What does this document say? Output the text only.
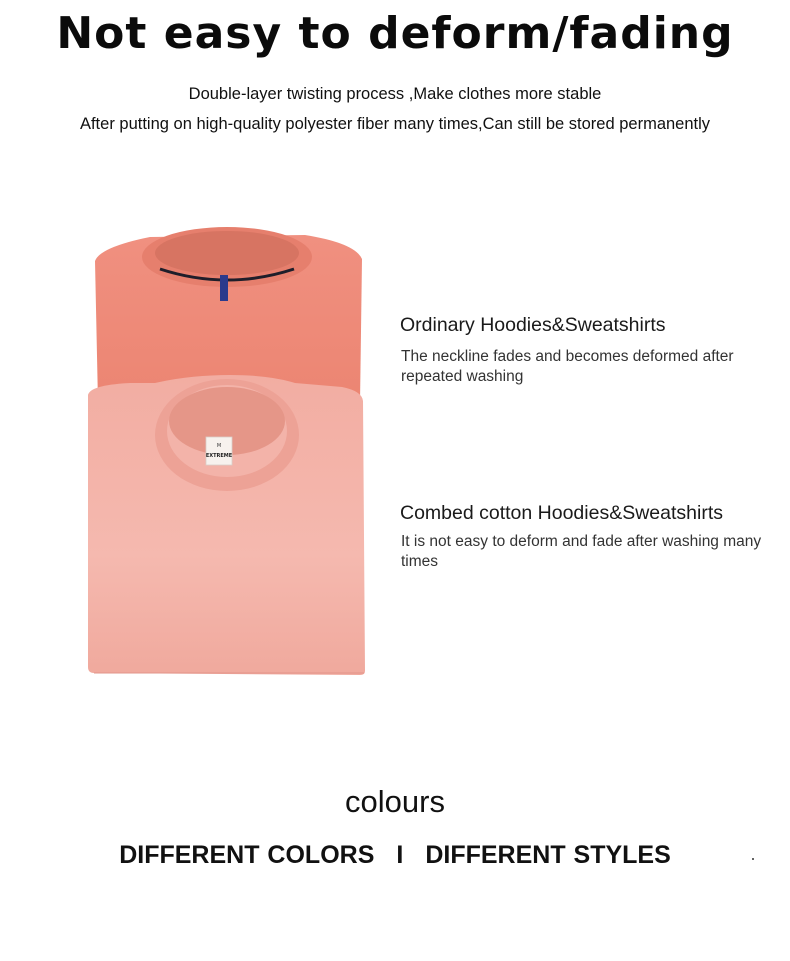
Not easy to deform/fading
Double-layer twisting process ,Make clothes more stable
After putting on high-quality polyester fiber many times,Can still be stored permanently
M
EXTREME
Ordinary Hoodies&Sweatshirts
The neckline fades and becomes deformed after repeated washing
Combed cotton Hoodies&Sweatshirts
It is not easy to deform and fade after washing many times
colours
DIFFERENT COLORS I DIFFERENT STYLES
